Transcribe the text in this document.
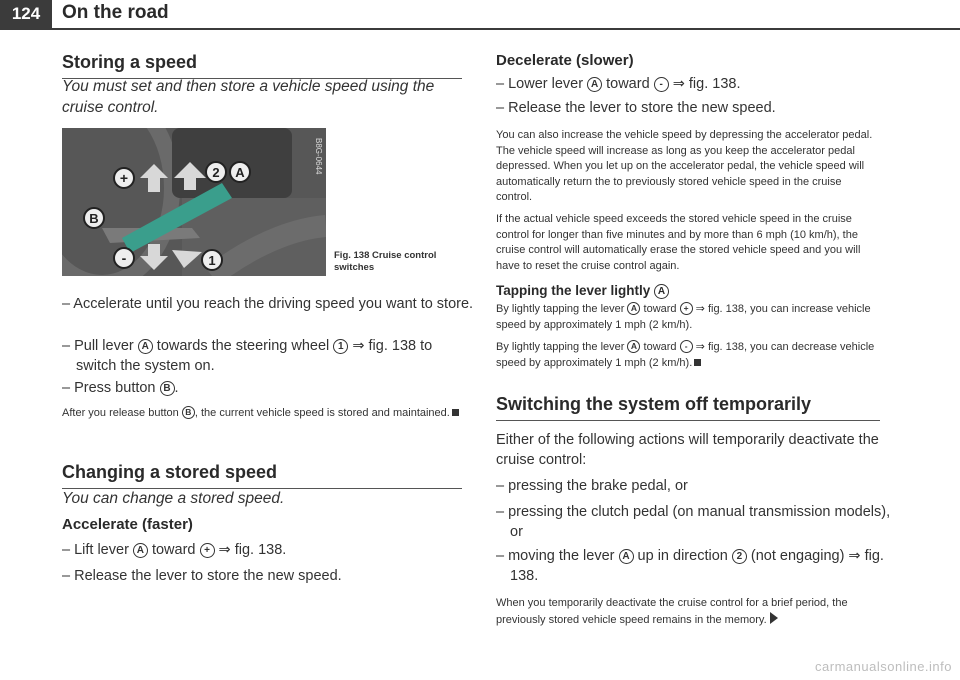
124	On the road
Storing a speed

You must set and then store a vehicle speed using the cruise control.

+	2 A
B
-	1
B8G-0644
Fig. 138 Cruise control switches

– Accelerate until you reach the driving speed you want to store.

– Pull lever A towards the steering wheel 1 ⇒ fig. 138 to switch the system on.

– Press button B .

After you release button B , the current vehicle speed is stored and maintained.

Changing a stored speed

You can change a stored speed.

Accelerate (faster)

– Lift lever A toward + ⇒ fig. 138.

– Release the lever to store the new speed.

Decelerate (slower)

– Lower lever A toward - ⇒ fig. 138.

– Release the lever to store the new speed.

You can also increase the vehicle speed by depressing the accelerator pedal. The vehicle speed will increase as long as you keep the accelerator pedal depressed. When you let up on the accelerator pedal, the vehicle speed will automatically return the to previously stored vehicle speed in the cruise control.

If the actual vehicle speed exceeds the stored vehicle speed in the cruise control for longer than five minutes and by more than 6 mph (10 km/h), the cruise control will automatically erase the stored vehicle speed and you will have to reset the cruise control again.

Tapping the lever lightly A

By lightly tapping the lever A toward + ⇒ fig. 138, you can increase vehicle speed by approximately 1 mph (2 km/h).

By lightly tapping the lever A toward - ⇒ fig. 138, you can decrease vehicle speed by approximately 1 mph (2 km/h).

Switching the system off temporarily

Either of the following actions will temporarily deactivate the cruise control:

– pressing the brake pedal, or

– pressing the clutch pedal (on manual transmission models), or

– moving the lever A up in direction 2 (not engaging) ⇒ fig. 138.

When you temporarily deactivate the cruise control for a brief period, the previously stored vehicle speed remains in the memory.

carmanualsonline.info
